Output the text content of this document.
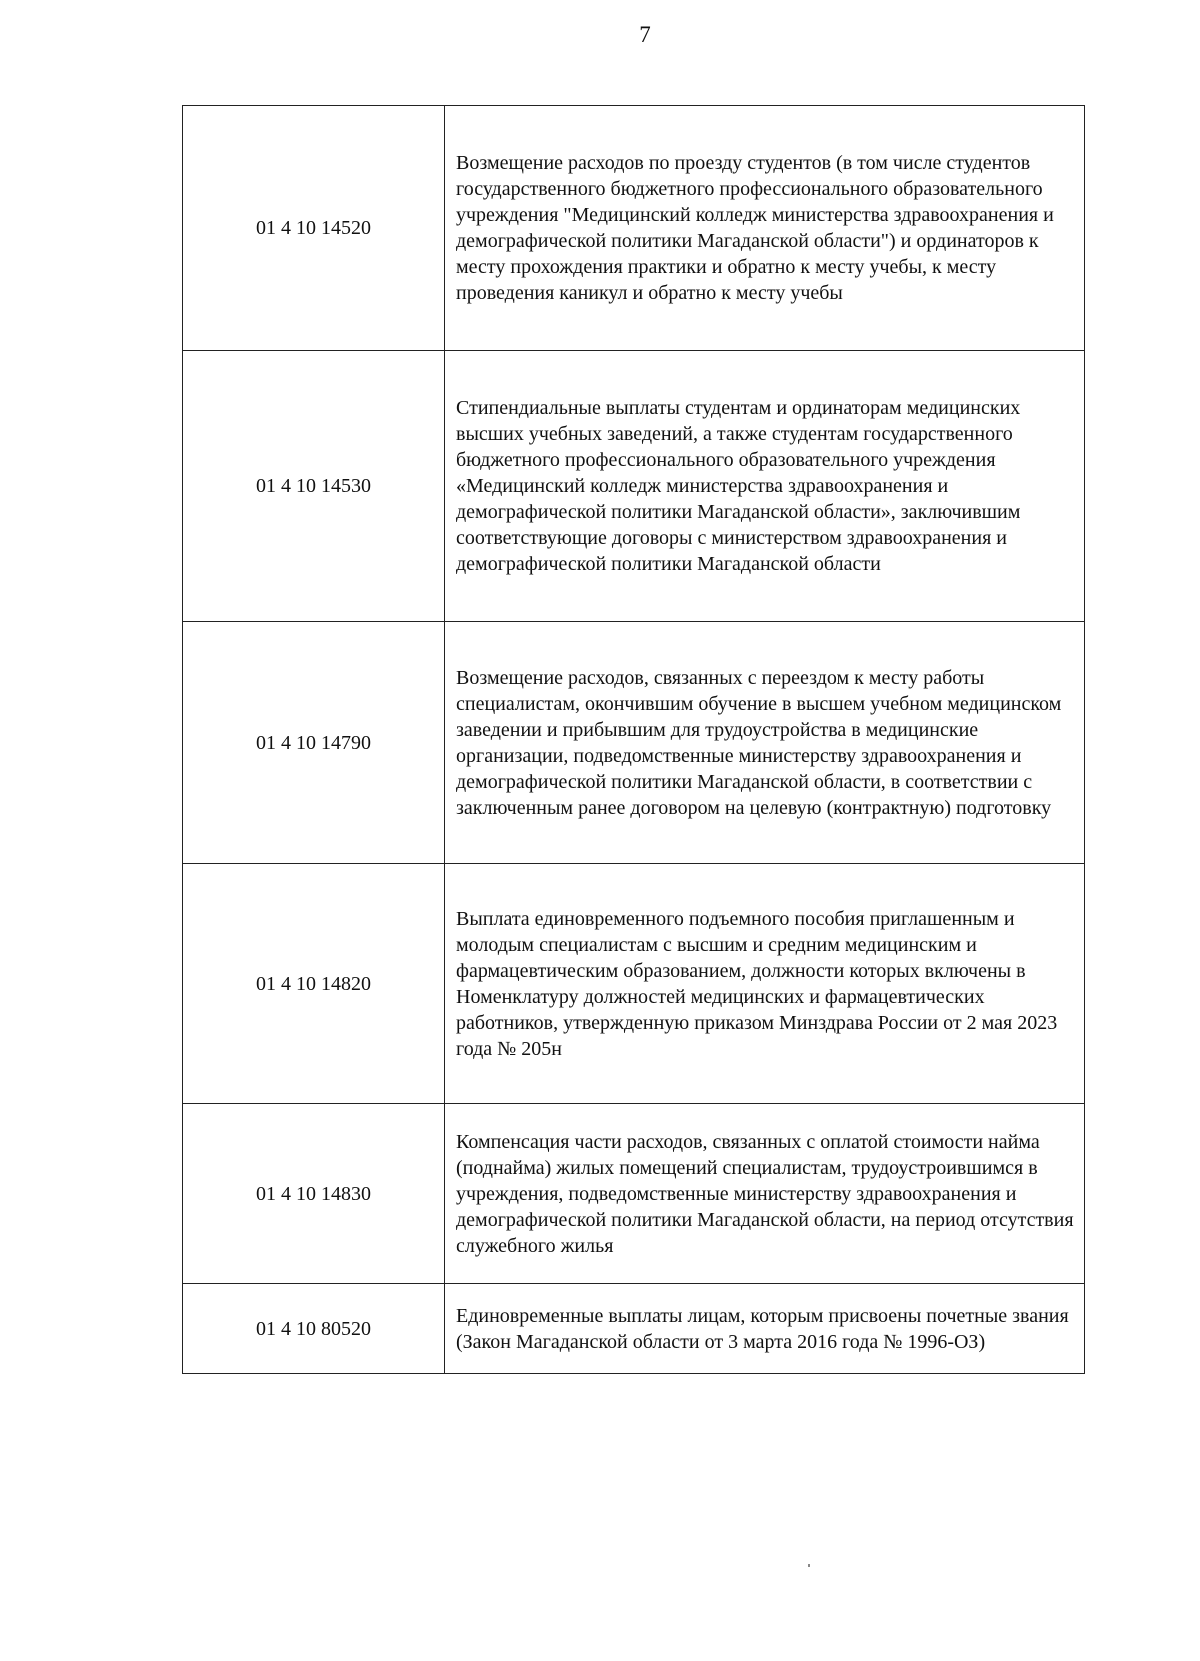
7
01 4 10 14520	Возмещение расходов по проезду студентов (в том числе студентов государственного бюджетного профессионального образовательного учреждения "Медицинский колледж министерства здравоохранения и демографической политики Магаданской области") и ординаторов к месту прохождения практики и обратно к месту учебы, к месту проведения каникул и обратно к месту учебы
01 4 10 14530	Стипендиальные выплаты студентам и ординаторам медицинских высших учебных заведений, а также студентам государственного бюджетного профессионального образовательного учреждения «Медицинский колледж министерства здравоохранения и демографической политики Магаданской области», заключившим соответствующие договоры с министерством здравоохранения и демографической политики Магаданской области
01 4 10 14790	Возмещение расходов, связанных с переездом к месту работы специалистам, окончившим обучение в высшем учебном медицинском заведении и прибывшим для трудоустройства в медицинские организации, подведомственные министерству здравоохранения и демографической политики Магаданской области, в соответствии с заключенным ранее договором на целевую (контрактную) подготовку
01 4 10 14820	Выплата единовременного подъемного пособия приглашенным и молодым специалистам с высшим и средним медицинским и фармацевтическим образованием, должности которых включены в Номенклатуру должностей медицинских и фармацевтических работников, утвержденную приказом Минздрава России от 2 мая 2023 года № 205н
01 4 10 14830	Компенсация части расходов, связанных с оплатой стоимости найма (поднайма) жилых помещений специалистам, трудоустроившимся в учреждения, подведомственные министерству здравоохранения и демографической политики Магаданской области, на период отсутствия служебного жилья
01 4 10 80520	Единовременные выплаты лицам, которым присвоены почетные звания (Закон Магаданской области от 3 марта 2016 года № 1996-ОЗ)
